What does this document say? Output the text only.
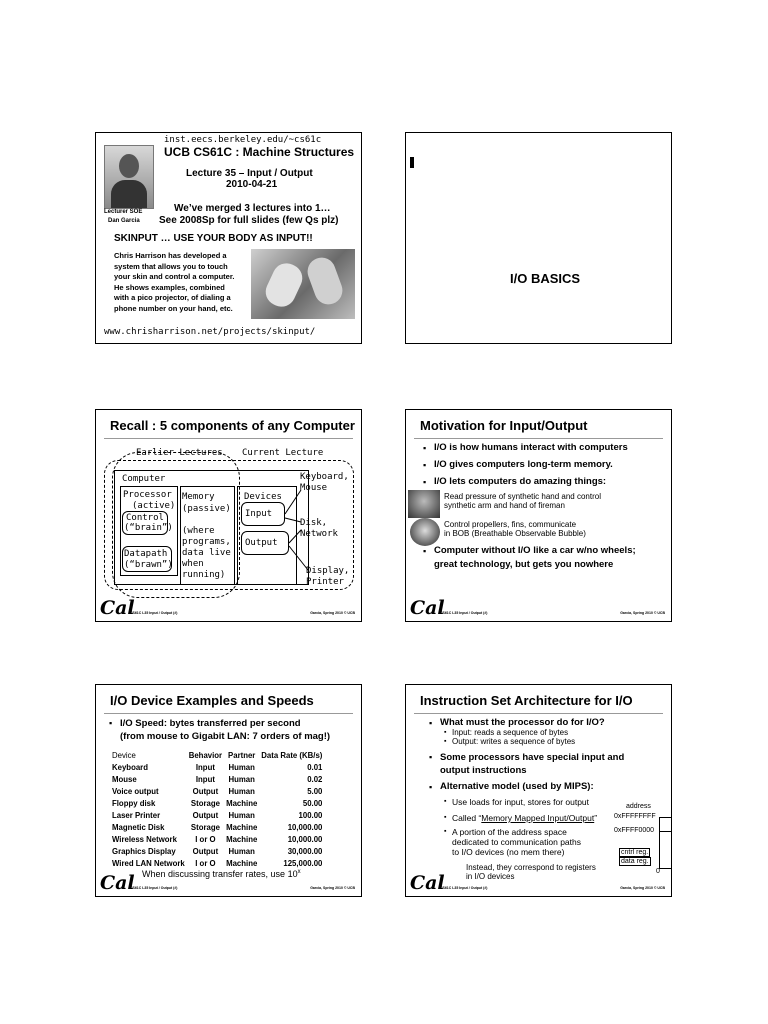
inst.eecs.berkeley.edu/~cs61c
UCB CS61C : Machine Structures
Lecture 35 – Input / Output
2010-04-21
Lecturer SOE
Dan Garcia
We’ve merged 3 lectures into 1…
See 2008Sp for full slides (few Qs plz)
SKINPUT … USE YOUR BODY AS INPUT!!
Chris Harrison has developed a
system that allows you to touch
your skin and control a computer.
He shows examples, combined
with a pico projector, of dialing a
phone number on your hand, etc.
www.chrisharrison.net/projects/skinput/
I/O BASICS
Recall : 5 components of any Computer
Earlier Lectures Current Lecture
Computer
Processor
(active)
Control
(“brain”)
Datapath
(“brawn”)
Memory
(passive)
(where
programs,
data live
when
running)
Devices
Input
Output
Keyboard,
Mouse
Disk,
Network
Display,
Printer
Cal
CS61C L35 Input / Output (#)	Garcia, Spring 2010 © UCB
Motivation for Input/Output
▪ I/O is how humans interact with computers
▪ I/O gives computers long-term memory.
▪ I/O lets computers do amazing things:
Read pressure of synthetic hand and control
synthetic arm and hand of fireman
Control propellers, fins, communicate
in BOB (Breathable Observable Bubble)
▪ Computer without I/O like a car w/no wheels;
great technology, but gets you nowhere
Cal
CS61C L35 Input / Output (#)	Garcia, Spring 2010 © UCB
I/O Device Examples and Speeds
▪ I/O Speed: bytes transferred per second
(from mouse to Gigabit LAN: 7 orders of mag!)
Device	Behavior	Partner	Data Rate (KB/s)
Keyboard	Input	Human	0.01
Mouse	Input	Human	0.02
Voice output	Output	Human	5.00
Floppy disk	Storage	Machine	50.00
Laser Printer	Output	Human	100.00
Magnetic Disk	Storage	Machine	10,000.00
Wireless Network	I or O	Machine	10,000.00
Graphics Display	Output	Human	30,000.00
Wired LAN Network	I or O	Machine	125,000.00
When discussing transfer rates, use 10$^x$
Cal
CS61C L35 Input / Output (#)	Garcia, Spring 2010 © UCB
Instruction Set Architecture for I/O
▪ What must the processor do for I/O?
▪ Input: reads a sequence of bytes
▪ Output: writes a sequence of bytes
▪ Some processors have special input and
output instructions
▪ Alternative model (used by MIPS):
▪ Use loads for input, stores for output
▪ Called “Memory Mapped Input/Output”
▪ A portion of the address space
dedicated to communication paths
to I/O devices (no mem there)
Instead, they correspond to registers
in I/O devices
address
0xFFFFFFFF
0xFFFF0000
cntrl reg.
data reg.
0
Cal
CS61C L35 Input / Output (#)	Garcia, Spring 2010 © UCB
